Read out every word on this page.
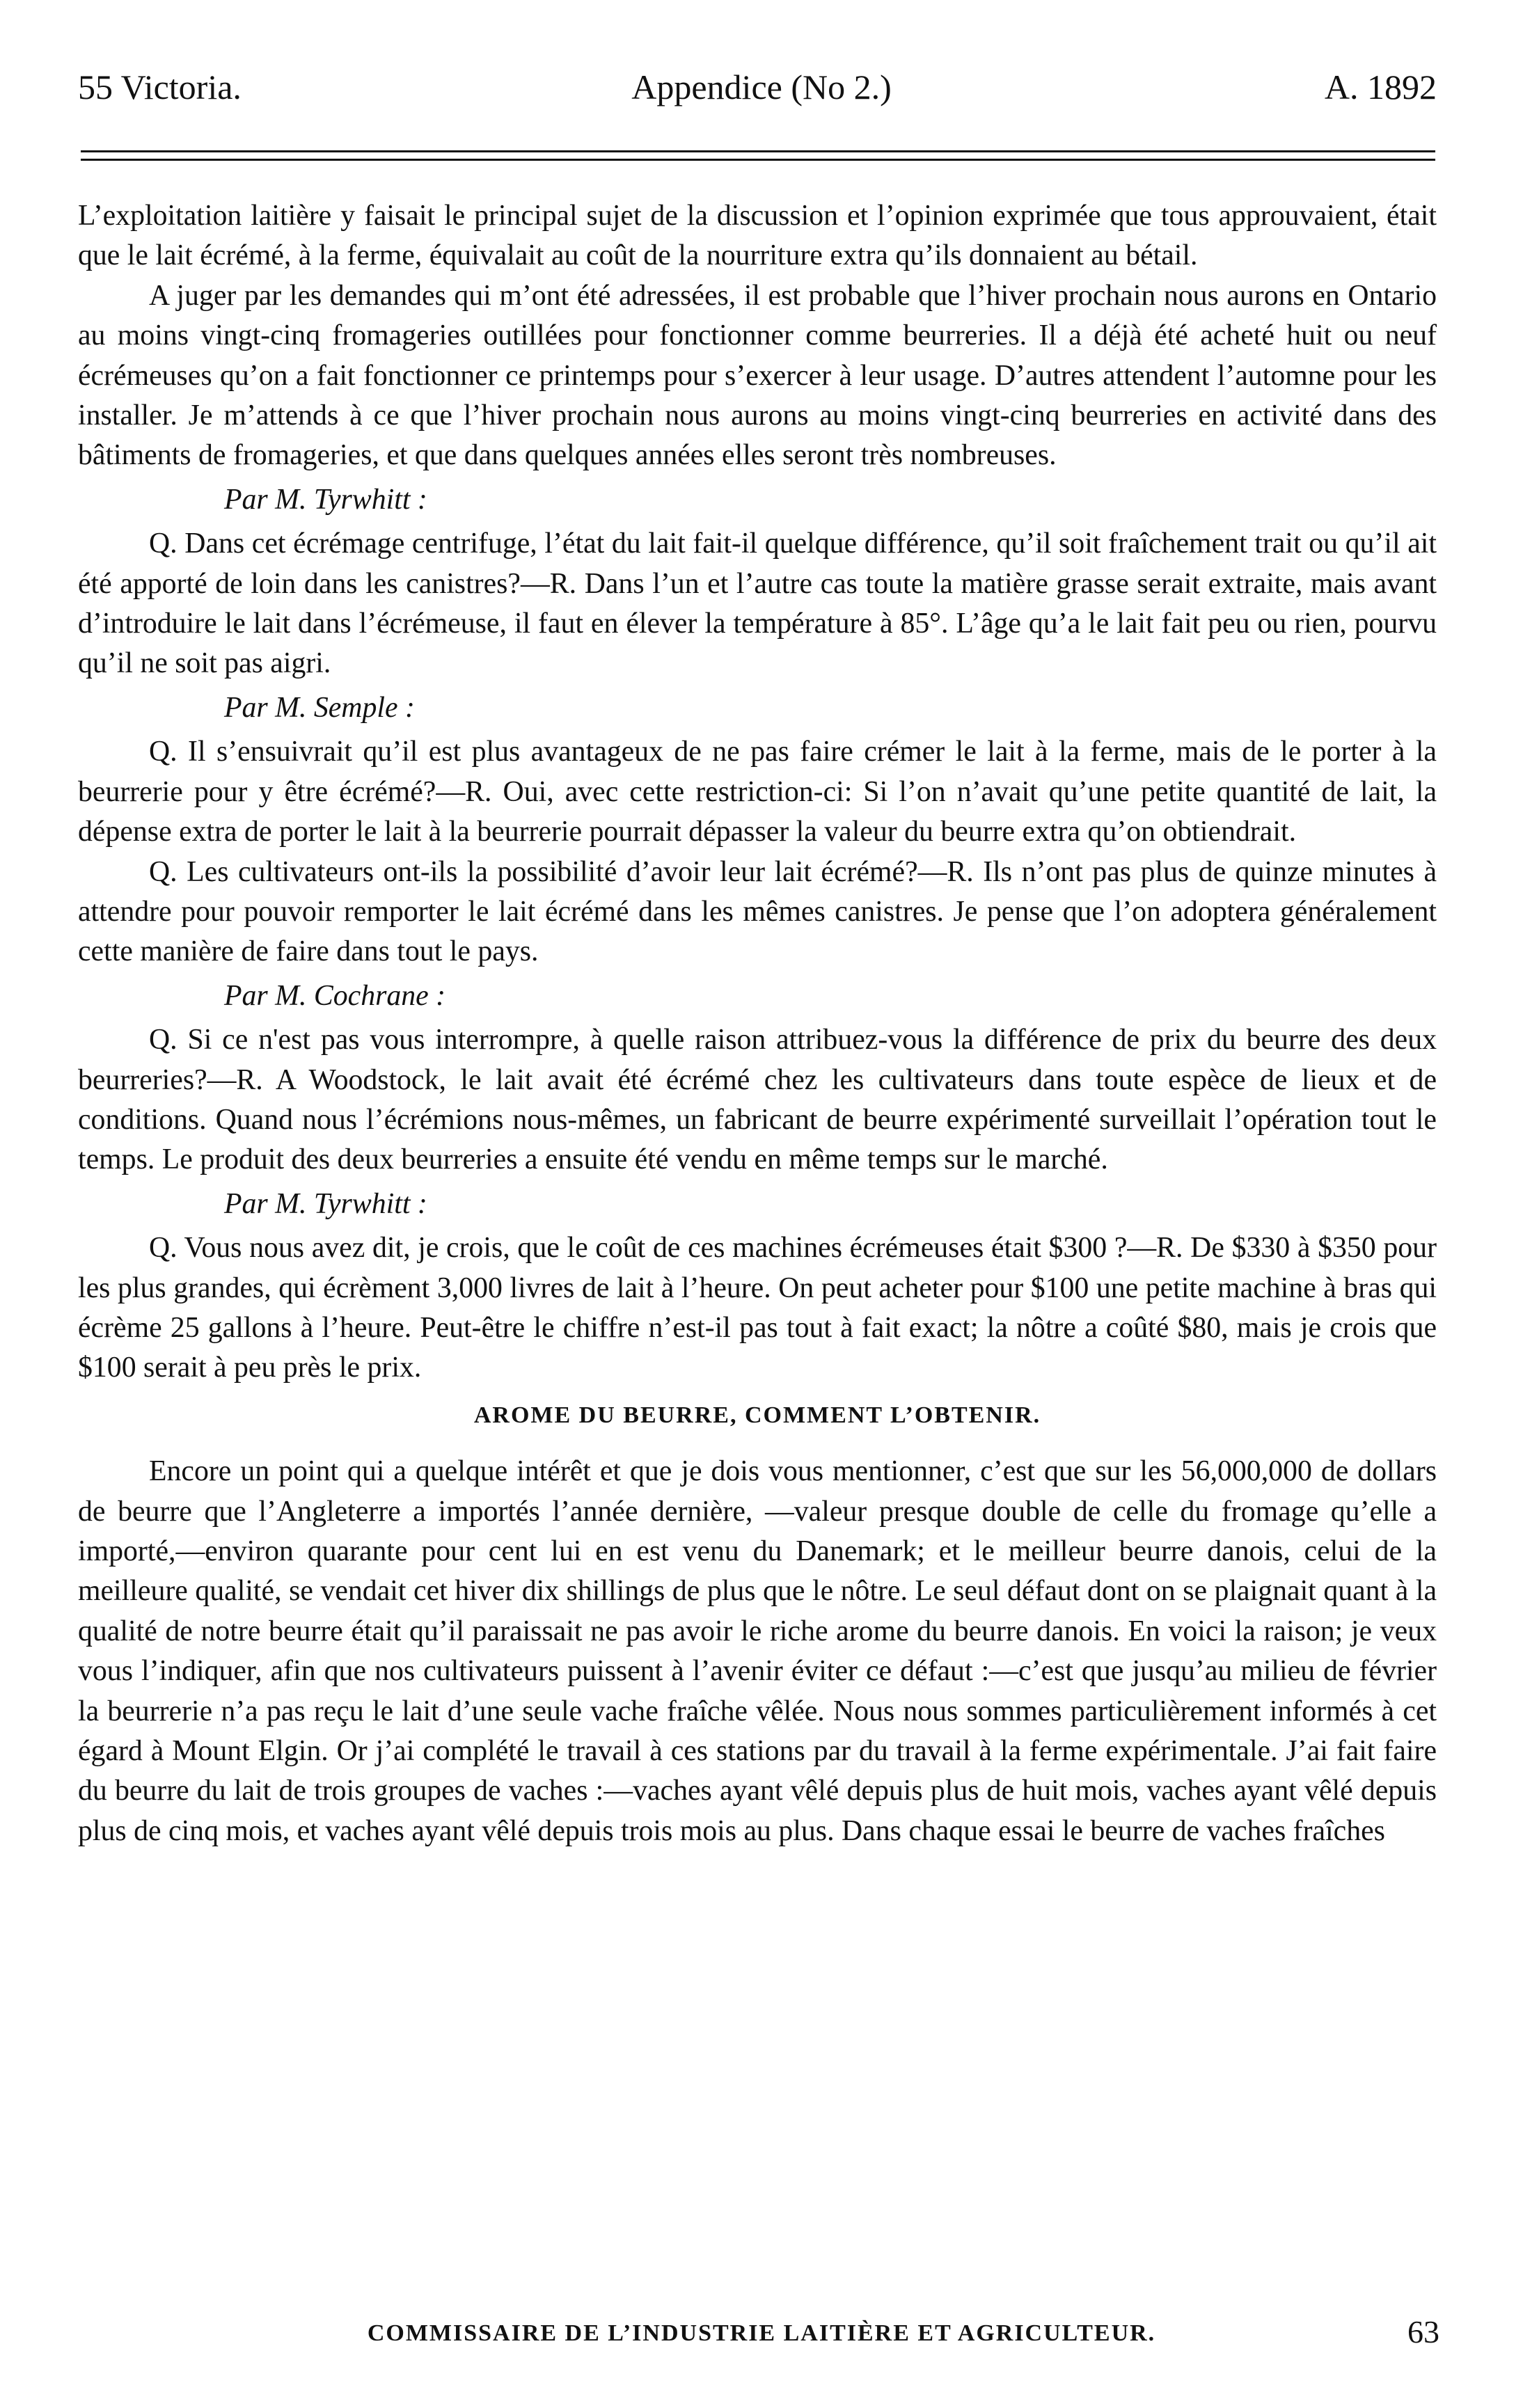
55 Victoria.	Appendice (No 2.)	A. 1892

L’exploitation laitière y faisait le principal sujet de la discussion et l’opinion exprimée que tous approuvaient, était que le lait écrémé, à la ferme, équivalait au coût de la nourriture extra qu’ils donnaient au bétail.

A juger par les demandes qui m’ont été adressées, il est probable que l’hiver prochain nous aurons en Ontario au moins vingt-cinq fromageries outillées pour fonctionner comme beurreries. Il a déjà été acheté huit ou neuf écrémeuses qu’on a fait fonctionner ce printemps pour s’exercer à leur usage. D’autres attendent l’automne pour les installer. Je m’attends à ce que l’hiver prochain nous aurons au moins vingt-cinq beurreries en activité dans des bâtiments de fromageries, et que dans quelques années elles seront très nombreuses.

Par M. Tyrwhitt :

Q. Dans cet écrémage centrifuge, l’état du lait fait-il quelque différence, qu’il soit fraîchement trait ou qu’il ait été apporté de loin dans les canistres?—R. Dans l’un et l’autre cas toute la matière grasse serait extraite, mais avant d’introduire le lait dans l’écrémeuse, il faut en élever la température à 85°. L’âge qu’a le lait fait peu ou rien, pourvu qu’il ne soit pas aigri.

Par M. Semple :

Q. Il s’ensuivrait qu’il est plus avantageux de ne pas faire crémer le lait à la ferme, mais de le porter à la beurrerie pour y être écrémé?—R. Oui, avec cette restriction-ci: Si l’on n’avait qu’une petite quantité de lait, la dépense extra de porter le lait à la beurrerie pourrait dépasser la valeur du beurre extra qu’on obtiendrait.

Q. Les cultivateurs ont-ils la possibilité d’avoir leur lait écrémé?—R. Ils n’ont pas plus de quinze minutes à attendre pour pouvoir remporter le lait écrémé dans les mêmes canistres. Je pense que l’on adoptera généralement cette manière de faire dans tout le pays.

Par M. Cochrane :

Q. Si ce n'est pas vous interrompre, à quelle raison attribuez-vous la différence de prix du beurre des deux beurreries?—R. A Woodstock, le lait avait été écrémé chez les cultivateurs dans toute espèce de lieux et de conditions. Quand nous l’écrémions nous-mêmes, un fabricant de beurre expérimenté surveillait l’opération tout le temps. Le produit des deux beurreries a ensuite été vendu en même temps sur le marché.

Par M. Tyrwhitt :

Q. Vous nous avez dit, je crois, que le coût de ces machines écrémeuses était $300 ?—R. De $330 à $350 pour les plus grandes, qui écrèment 3,000 livres de lait à l’heure. On peut acheter pour $100 une petite machine à bras qui écrème 25 gallons à l’heure. Peut-être le chiffre n’est-il pas tout à fait exact; la nôtre a coûté $80, mais je crois que $100 serait à peu près le prix.

AROME DU BEURRE, COMMENT L’OBTENIR.

Encore un point qui a quelque intérêt et que je dois vous mentionner, c’est que sur les 56,000,000 de dollars de beurre que l’Angleterre a importés l’année dernière, —valeur presque double de celle du fromage qu’elle a importé,—environ quarante pour cent lui en est venu du Danemark; et le meilleur beurre danois, celui de la meilleure qualité, se vendait cet hiver dix shillings de plus que le nôtre. Le seul défaut dont on se plaignait quant à la qualité de notre beurre était qu’il paraissait ne pas avoir le riche arome du beurre danois. En voici la raison; je veux vous l’indiquer, afin que nos cultivateurs puissent à l’avenir éviter ce défaut :—c’est que jusqu’au milieu de février la beurrerie n’a pas reçu le lait d’une seule vache fraîche vêlée. Nous nous sommes particulièrement informés à cet égard à Mount Elgin. Or j’ai complété le travail à ces stations par du travail à la ferme expérimentale. J’ai fait faire du beurre du lait de trois groupes de vaches :—vaches ayant vêlé depuis plus de huit mois, vaches ayant vêlé depuis plus de cinq mois, et vaches ayant vêlé depuis trois mois au plus. Dans chaque essai le beurre de vaches fraîches

COMMISSAIRE DE L’INDUSTRIE LAITIÈRE ET AGRICULTEUR.	63
